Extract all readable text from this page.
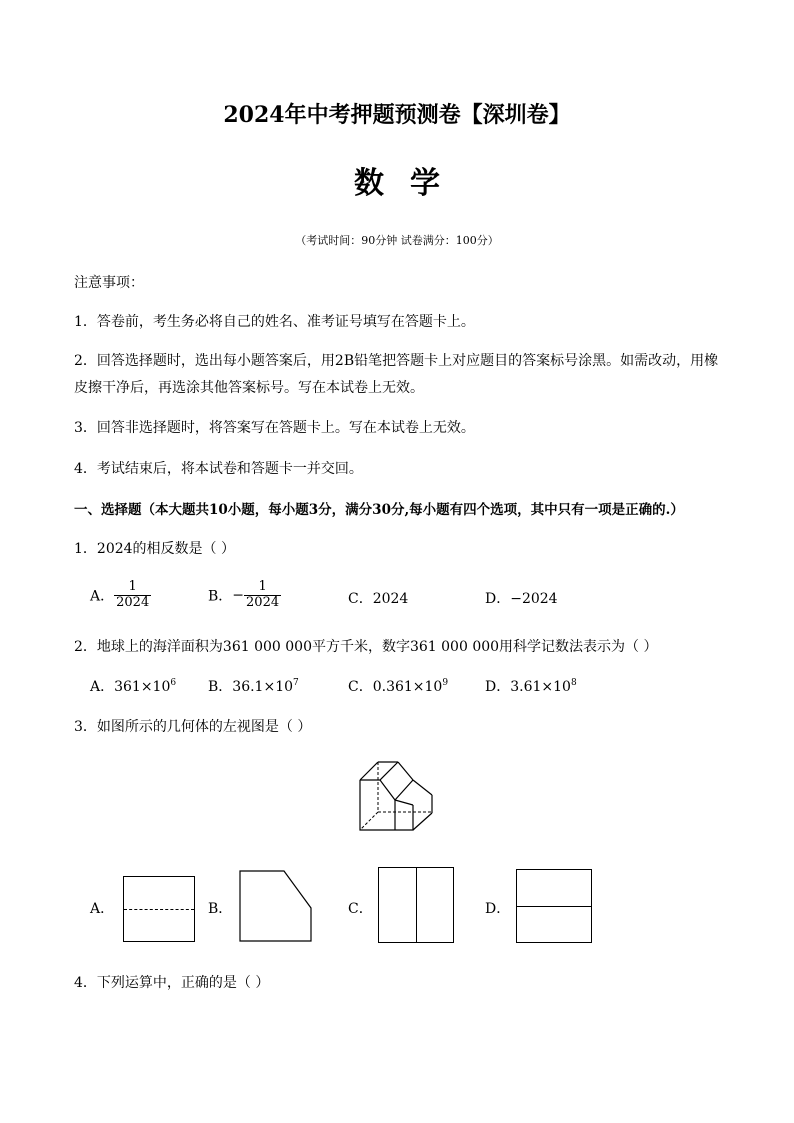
2024年中考押题预测卷【深圳卷】
数学
（考试时间：90分钟 试卷满分：100分）
注意事项：
1．答卷前，考生务必将自己的姓名、准考证号填写在答题卡上。
2．回答选择题时，选出每小题答案后，用2B铅笔把答题卡上对应题目的答案标号涂黑。如需改动，用橡
皮擦干净后，再选涂其他答案标号。写在本试卷上无效。
3．回答非选择题时，将答案写在答题卡上。写在本试卷上无效。
4．考试结束后，将本试卷和答题卡一并交回。
一、选择题（本大题共10小题，每小题3分，满分30分,每小题有四个选项，其中只有一项是正确的.）
1．2024的相反数是（ ）
A． $\frac{1}{2024}$	B．− $\frac{1}{2024}$	C．2024	D．−2024
2．地球上的海洋面积为361 000 000平方千米，数字361 000 000用科学记数法表示为（ ）
A．$361\times 10^6$ B．$36.1\times 10^7$	C．$0.361\times 10^9$	D．$3.61\times 10^8$
3．如图所示的几何体的左视图是（ ）
A．	B．	C．	D．
4．下列运算中，正确的是（ ）
